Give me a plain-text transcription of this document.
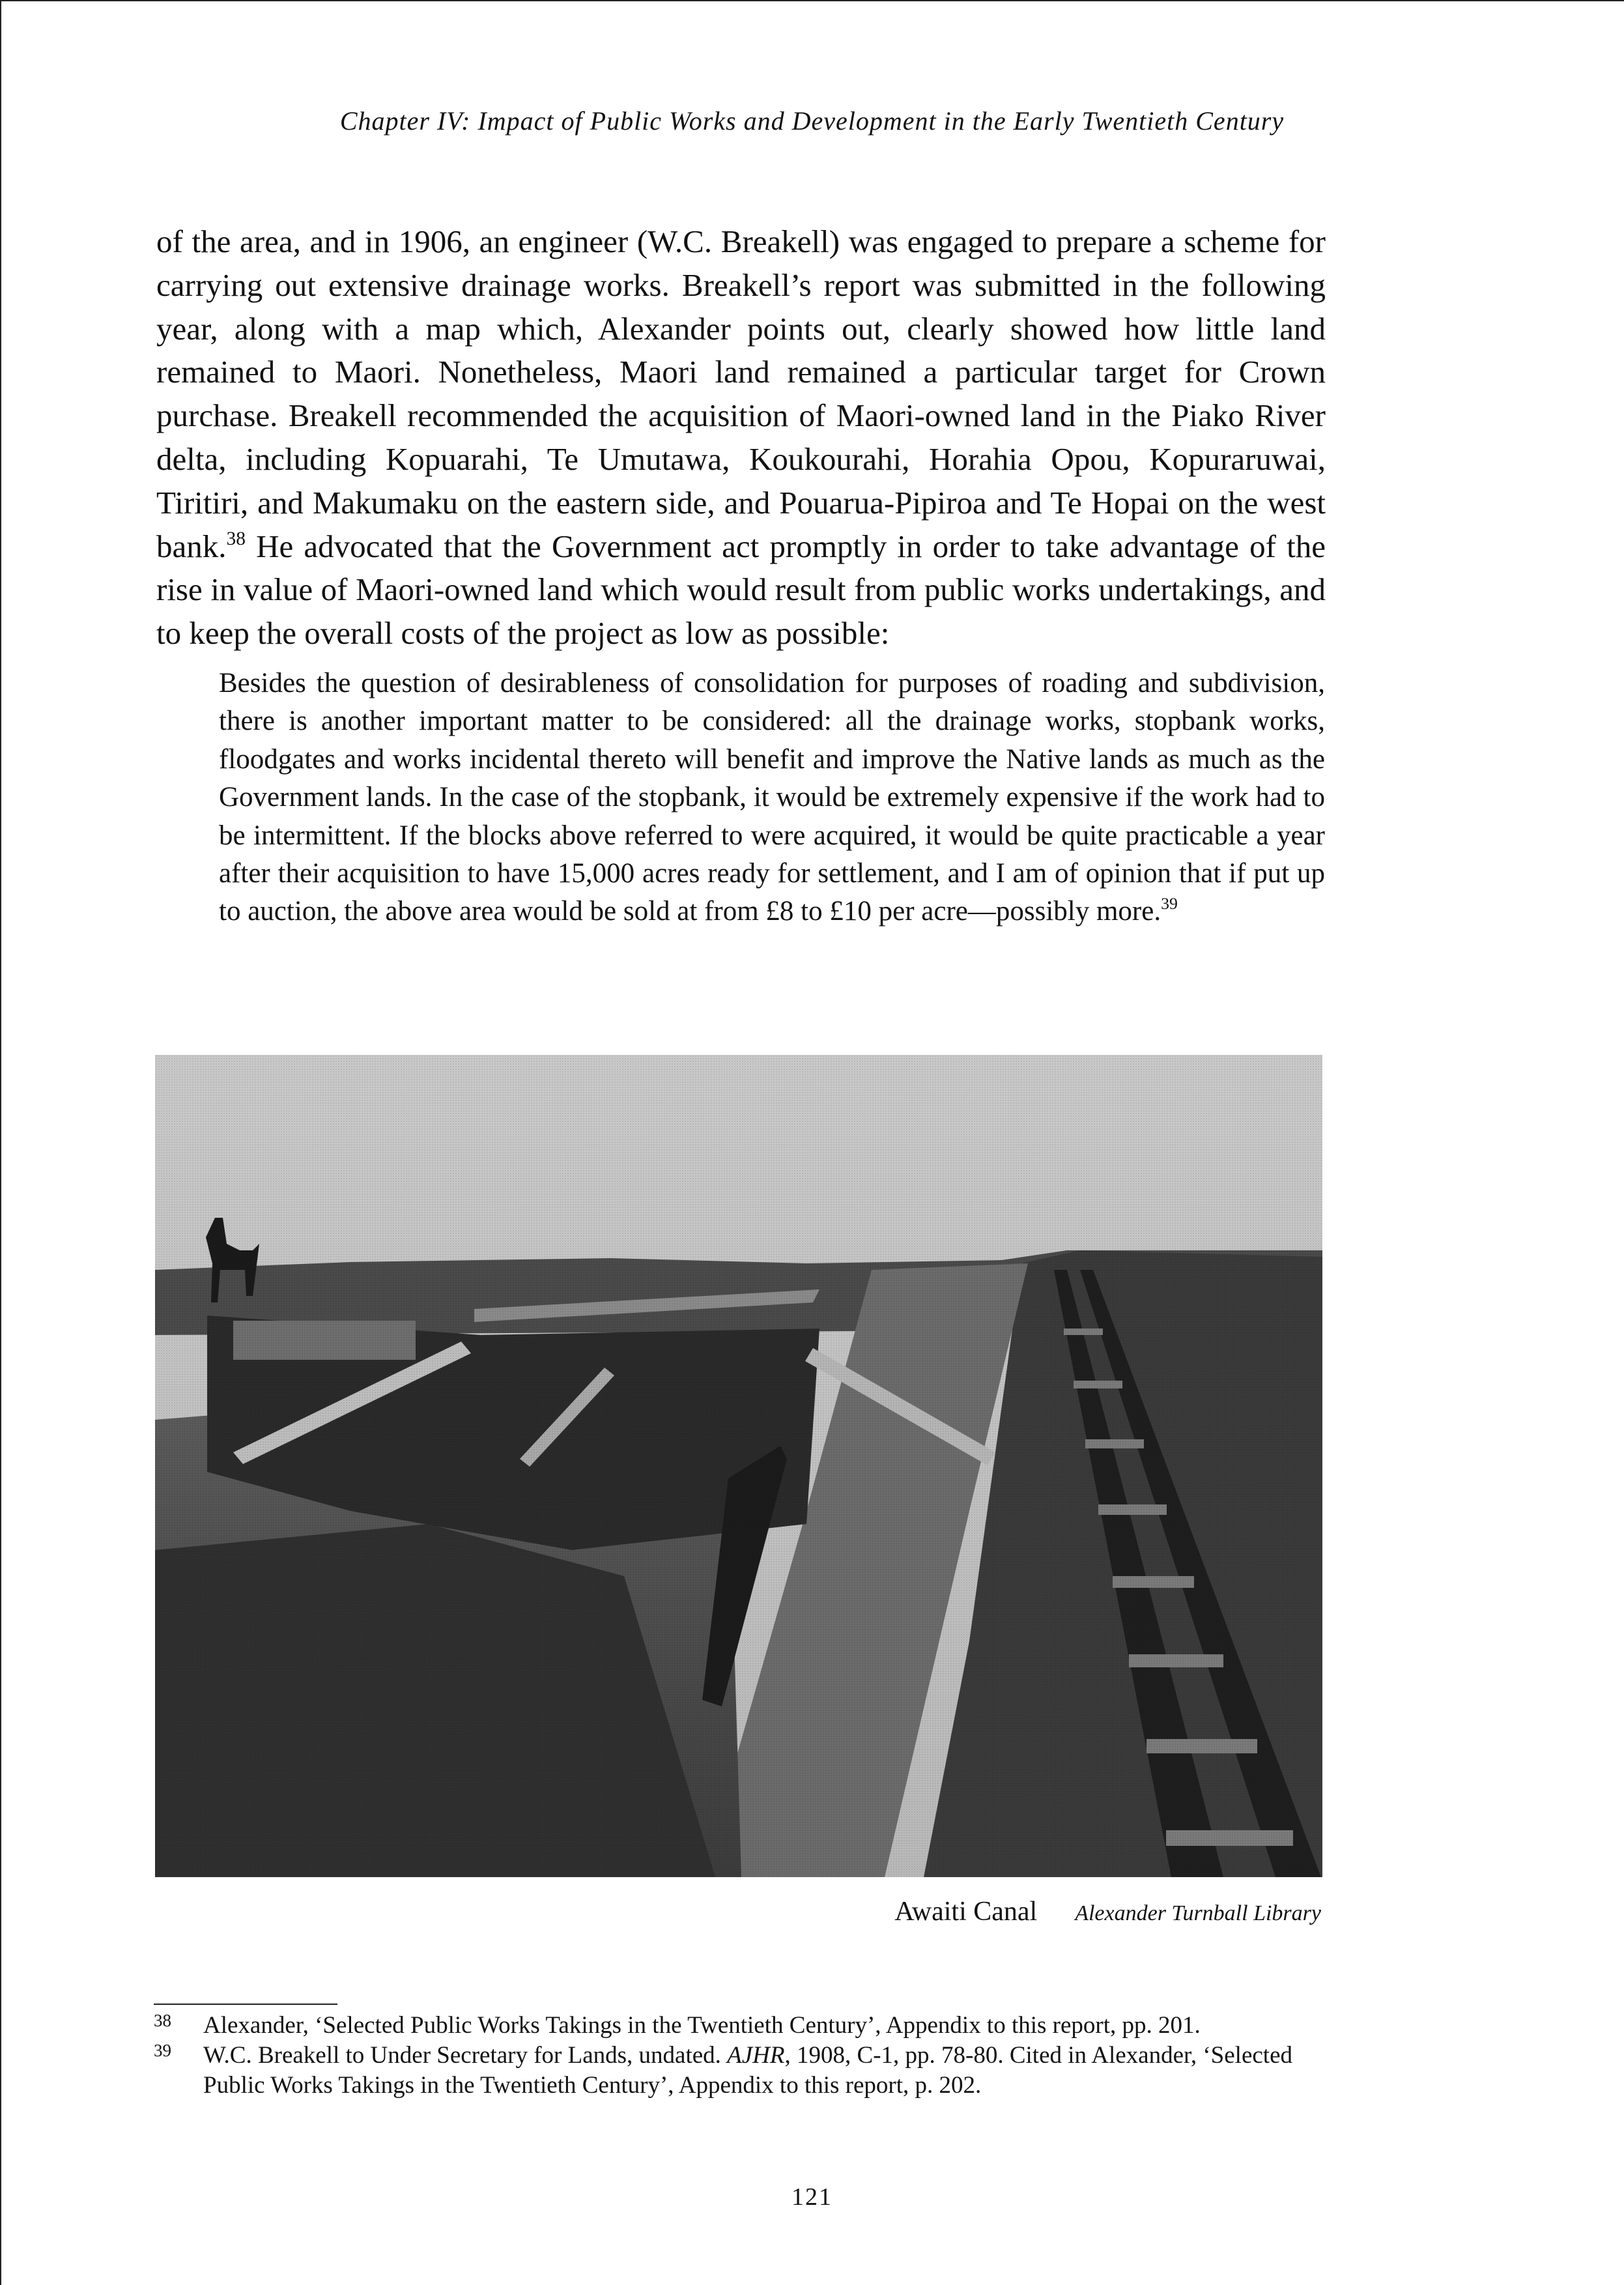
Chapter IV: Impact of Public Works and Development in the Early Twentieth Century

of the area, and in 1906, an engineer (W.C. Breakell) was engaged to prepare a scheme for carrying out extensive drainage works. Breakell’s report was submitted in the following year, along with a map which, Alexander points out, clearly showed how little land remained to Maori. Nonetheless, Maori land remained a particular target for Crown purchase. Breakell recommended the acquisition of Maori-owned land in the Piako River delta, including Kopuarahi, Te Umutawa, Koukourahi, Horahia Opou, Kopuraruwai, Tiritiri, and Makumaku on the eastern side, and Pouarua-Pipiroa and Te Hopai on the west bank.$^{38}$ He advocated that the Government act promptly in order to take advantage of the rise in value of Maori-owned land which would result from public works undertakings, and to keep the overall costs of the project as low as possible:

Besides the question of desirableness of consolidation for purposes of roading and subdivision, there is another important matter to be considered: all the drainage works, stopbank works, floodgates and works incidental thereto will benefit and improve the Native lands as much as the Government lands. In the case of the stopbank, it would be extremely expensive if the work had to be intermittent. If the blocks above referred to were acquired, it would be quite practicable a year after their acquisition to have 15,000 acres ready for settlement, and I am of opinion that if put up to auction, the above area would be sold at from £8 to £10 per acre—possibly more.$^{39}$

Awaiti Canal Alexander Turnball Library
38	Alexander, ‘Selected Public Works Takings in the Twentieth Century’, Appendix to this report, pp. 201.
39	W.C. Breakell to Under Secretary for Lands, undated. AJHR, 1908, C-1, pp. 78-80. Cited in Alexander, ‘Selected Public Works Takings in the Twentieth Century’, Appendix to this report, p. 202.
121
